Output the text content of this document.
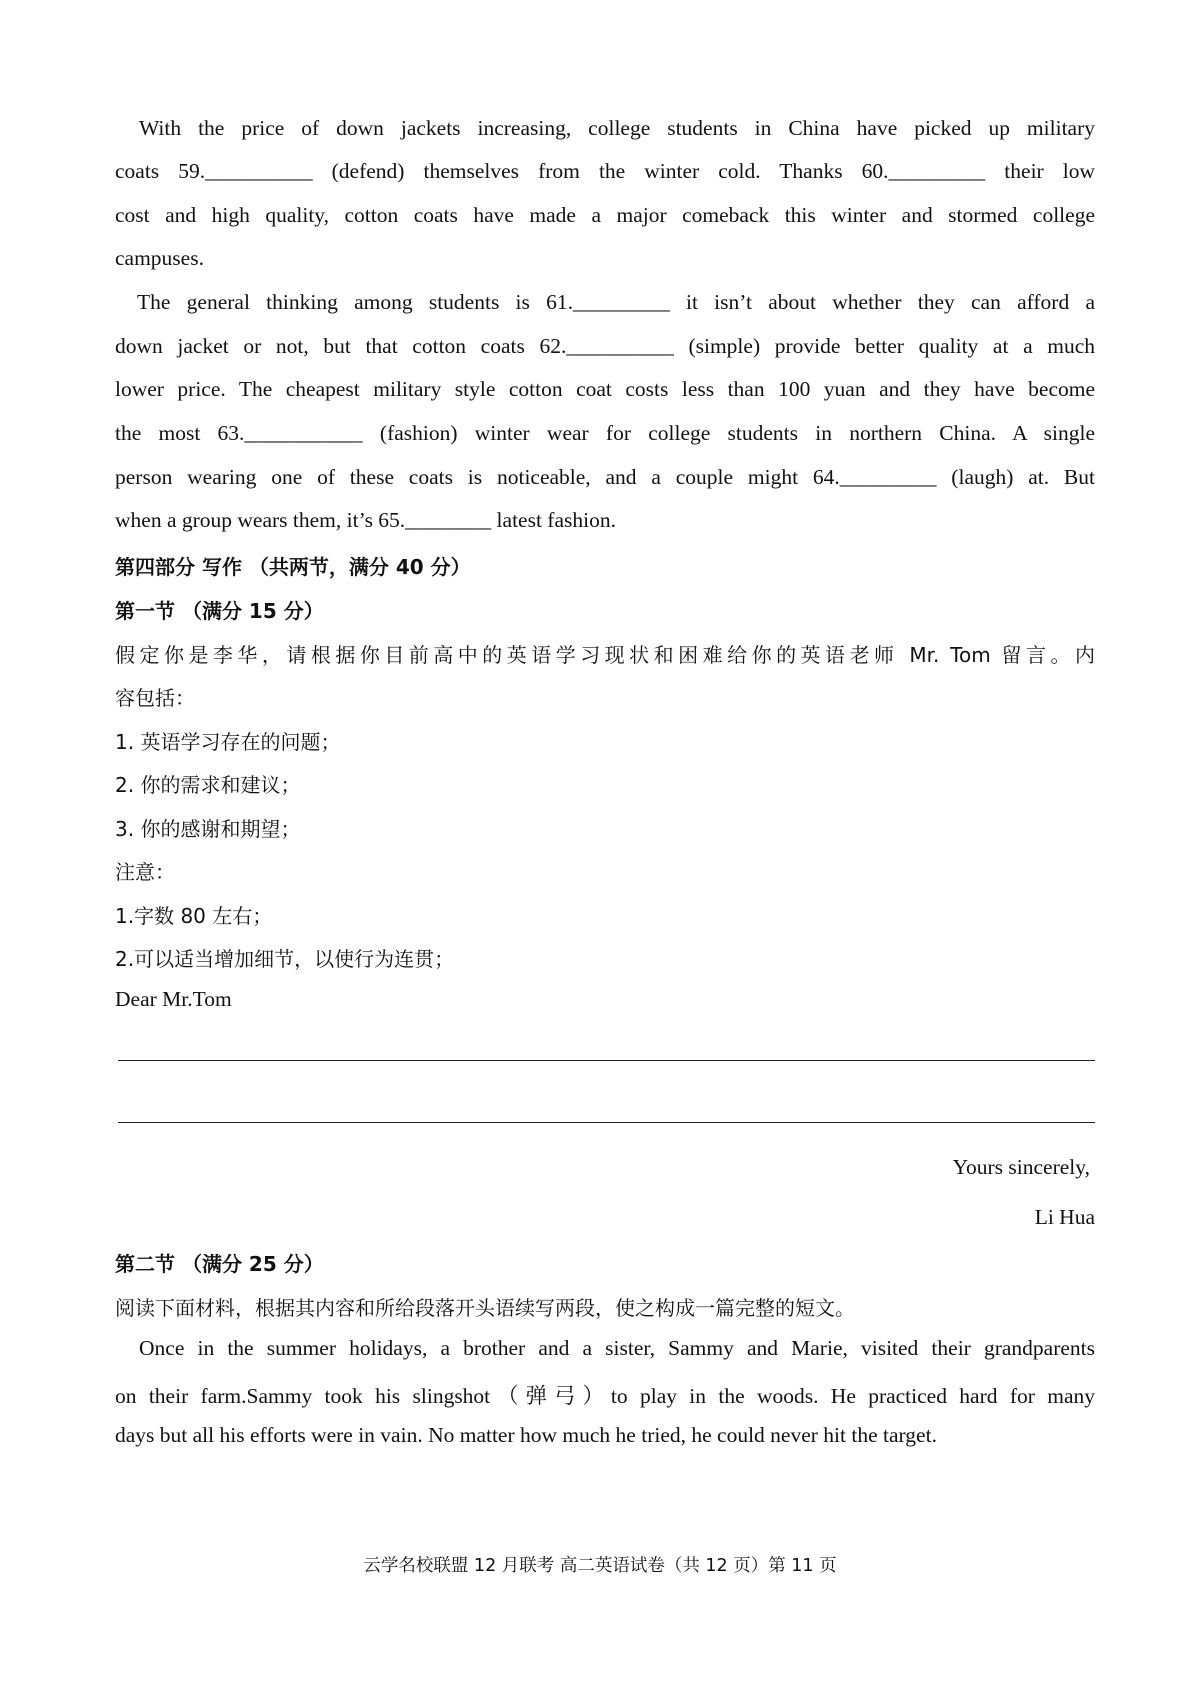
With the price of down jackets increasing, college students in China have picked up military

coats 59.__________ (defend) themselves from the winter cold. Thanks 60._________ their low

cost and high quality, cotton coats have made a major comeback this winter and stormed college

campuses.

The general thinking among students is 61._________ it isn’t about whether they can afford a

down jacket or not, but that cotton coats 62.__________ (simple) provide better quality at a much

lower price. The cheapest military style cotton coat costs less than 100 yuan and they have become

the most 63.___________ (fashion) winter wear for college students in northern China. A single

person wearing one of these coats is noticeable, and a couple might 64._________ (laugh) at. But

when a group wears them, it’s 65.________ latest fashion.

第四部分 写作 （共两节，满分 40 分）

第一节 （满分 15 分）

假定你是李华，请根据你目前高中的英语学习现状和困难给你的英语老师 Mr. Tom 留言。内

容包括：

1. 英语学习存在的问题；

2. 你的需求和建议；

3. 你的感谢和期望；

注意：

1.字数 80 左右；

2.可以适当增加细节，以使行为连贯；

Dear Mr.Tom

Yours sincerely,

Li Hua

第二节 （满分 25 分）

阅读下面材料，根据其内容和所给段落开头语续写两段，使之构成一篇完整的短文。

Once in the summer holidays, a brother and a sister, Sammy and Marie, visited their grandparents

on their farm.Sammy took his slingshot（弹弓）to play in the woods. He practiced hard for many

days but all his efforts were in vain. No matter how much he tried, he could never hit the target.

云学名校联盟 12 月联考 高二英语试卷（共 12 页）第 11 页
